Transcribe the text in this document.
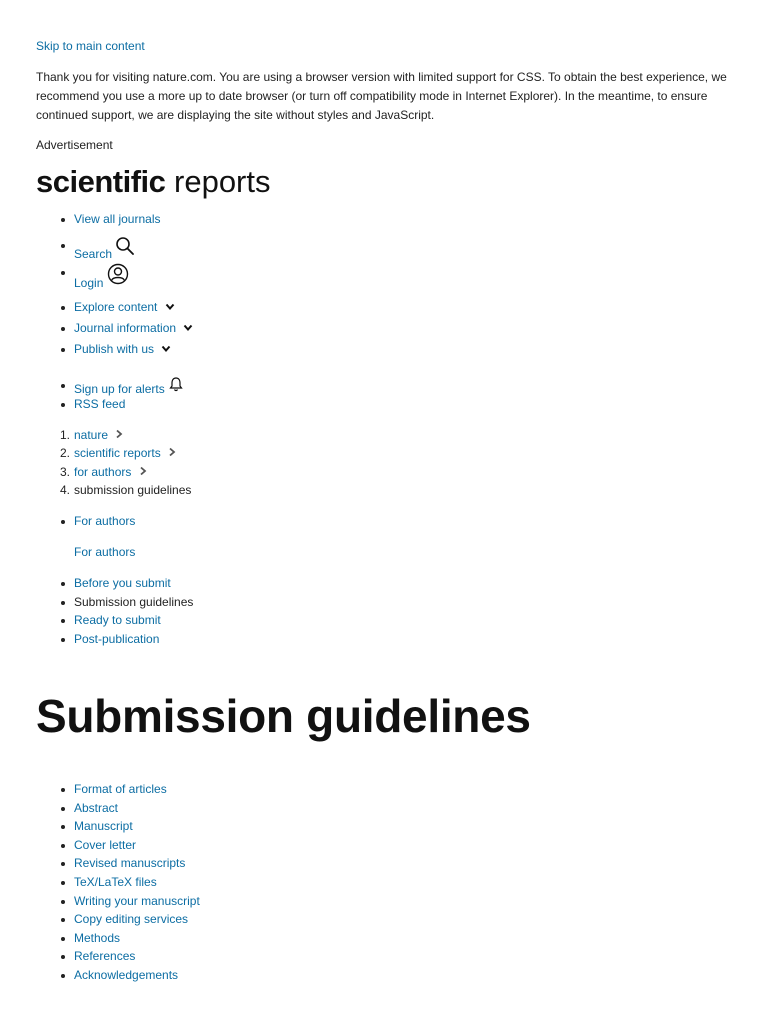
Skip to main content

Thank you for visiting nature.com. You are using a browser version with limited support for CSS. To obtain the best experience, we recommend you use a more up to date browser (or turn off compatibility mode in Internet Explorer). In the meantime, to ensure continued support, we are displaying the site without styles and JavaScript.

Advertisement
scientific reports
View all journals
Search
Login
Explore content
Journal information
Publish with us
Sign up for alerts
RSS feed
1. nature
2. scientific reports
3. for authors
4. submission guidelines
For authors
For authors
Before you submit
Submission guidelines
Ready to submit
Post-publication
Submission guidelines
Format of articles
Abstract
Manuscript
Cover letter
Revised manuscripts
TeX/LaTeX files
Writing your manuscript
Copy editing services
Methods
References
Acknowledgements
